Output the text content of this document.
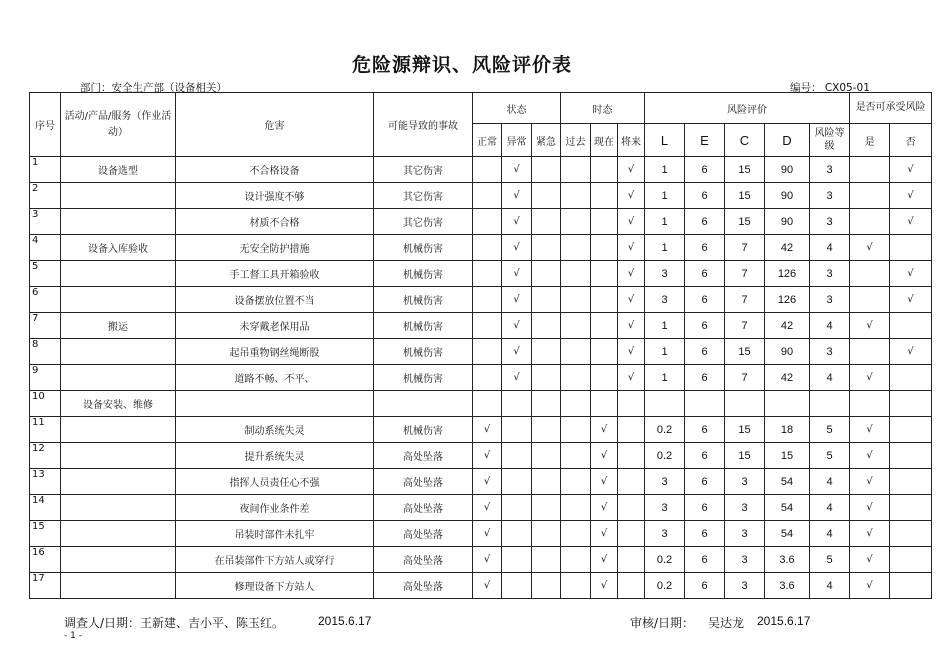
危险源辩识、风险评价表
部门：安全生产部（设备相关）	编号： CX05-01
序号	活动/产品/服务（作业活动）	危害	可能导致的事故	状态			时态			风险评价					是否可承受风险	
				正常	异常	紧急	过去	现在	将来	L	E	C	D	风险等级	是	否
1	设备选型	不合格设备	其它伤害		√				√	1	6	15	90	3		√
2		设计强度不够	其它伤害		√				√	1	6	15	90	3		√
3		材质不合格	其它伤害		√				√	1	6	15	90	3		√
4	设备入库验收	无安全防护措施	机械伤害		√				√	1	6	7	42	4	√	
5		手工督工具开箱验收	机械伤害		√				√	3	6	7	126	3		√
6		设备摆放位置不当	机械伤害		√				√	3	6	7	126	3		√
7	搬运	未穿戴老保用品	机械伤害		√				√	1	6	7	42	4	√	
8		起吊重物钢丝绳断股	机械伤害		√				√	1	6	15	90	3		√
9		道路不畅、不平、	机械伤害		√				√	1	6	7	42	4	√	
10	设备安装、维修															
11		制动系统失灵	机械伤害	√				√		0.2	6	15	18	5	√	
12		提升系统失灵	高处坠落	√				√		0.2	6	15	15	5	√	
13		指挥人员责任心不强	高处坠落	√				√		3	6	3	54	4	√	
14		夜间作业条件差	高处坠落	√				√		3	6	3	54	4	√	
15		吊装时部件未扎牢	高处坠落	√				√		3	6	3	54	4	√	
16		在吊装部件下方站人或穿行	高处坠落	√				√		0.2	6	3	3.6	5	√	
17		修理设备下方站人	高处坠落	√				√		0.2	6	3	3.6	4	√	
调查人/日期：王新建、吉小平、陈玉红。	2015.6.17	审核/日期： 吴达龙 2015.6.17
- 1 -
